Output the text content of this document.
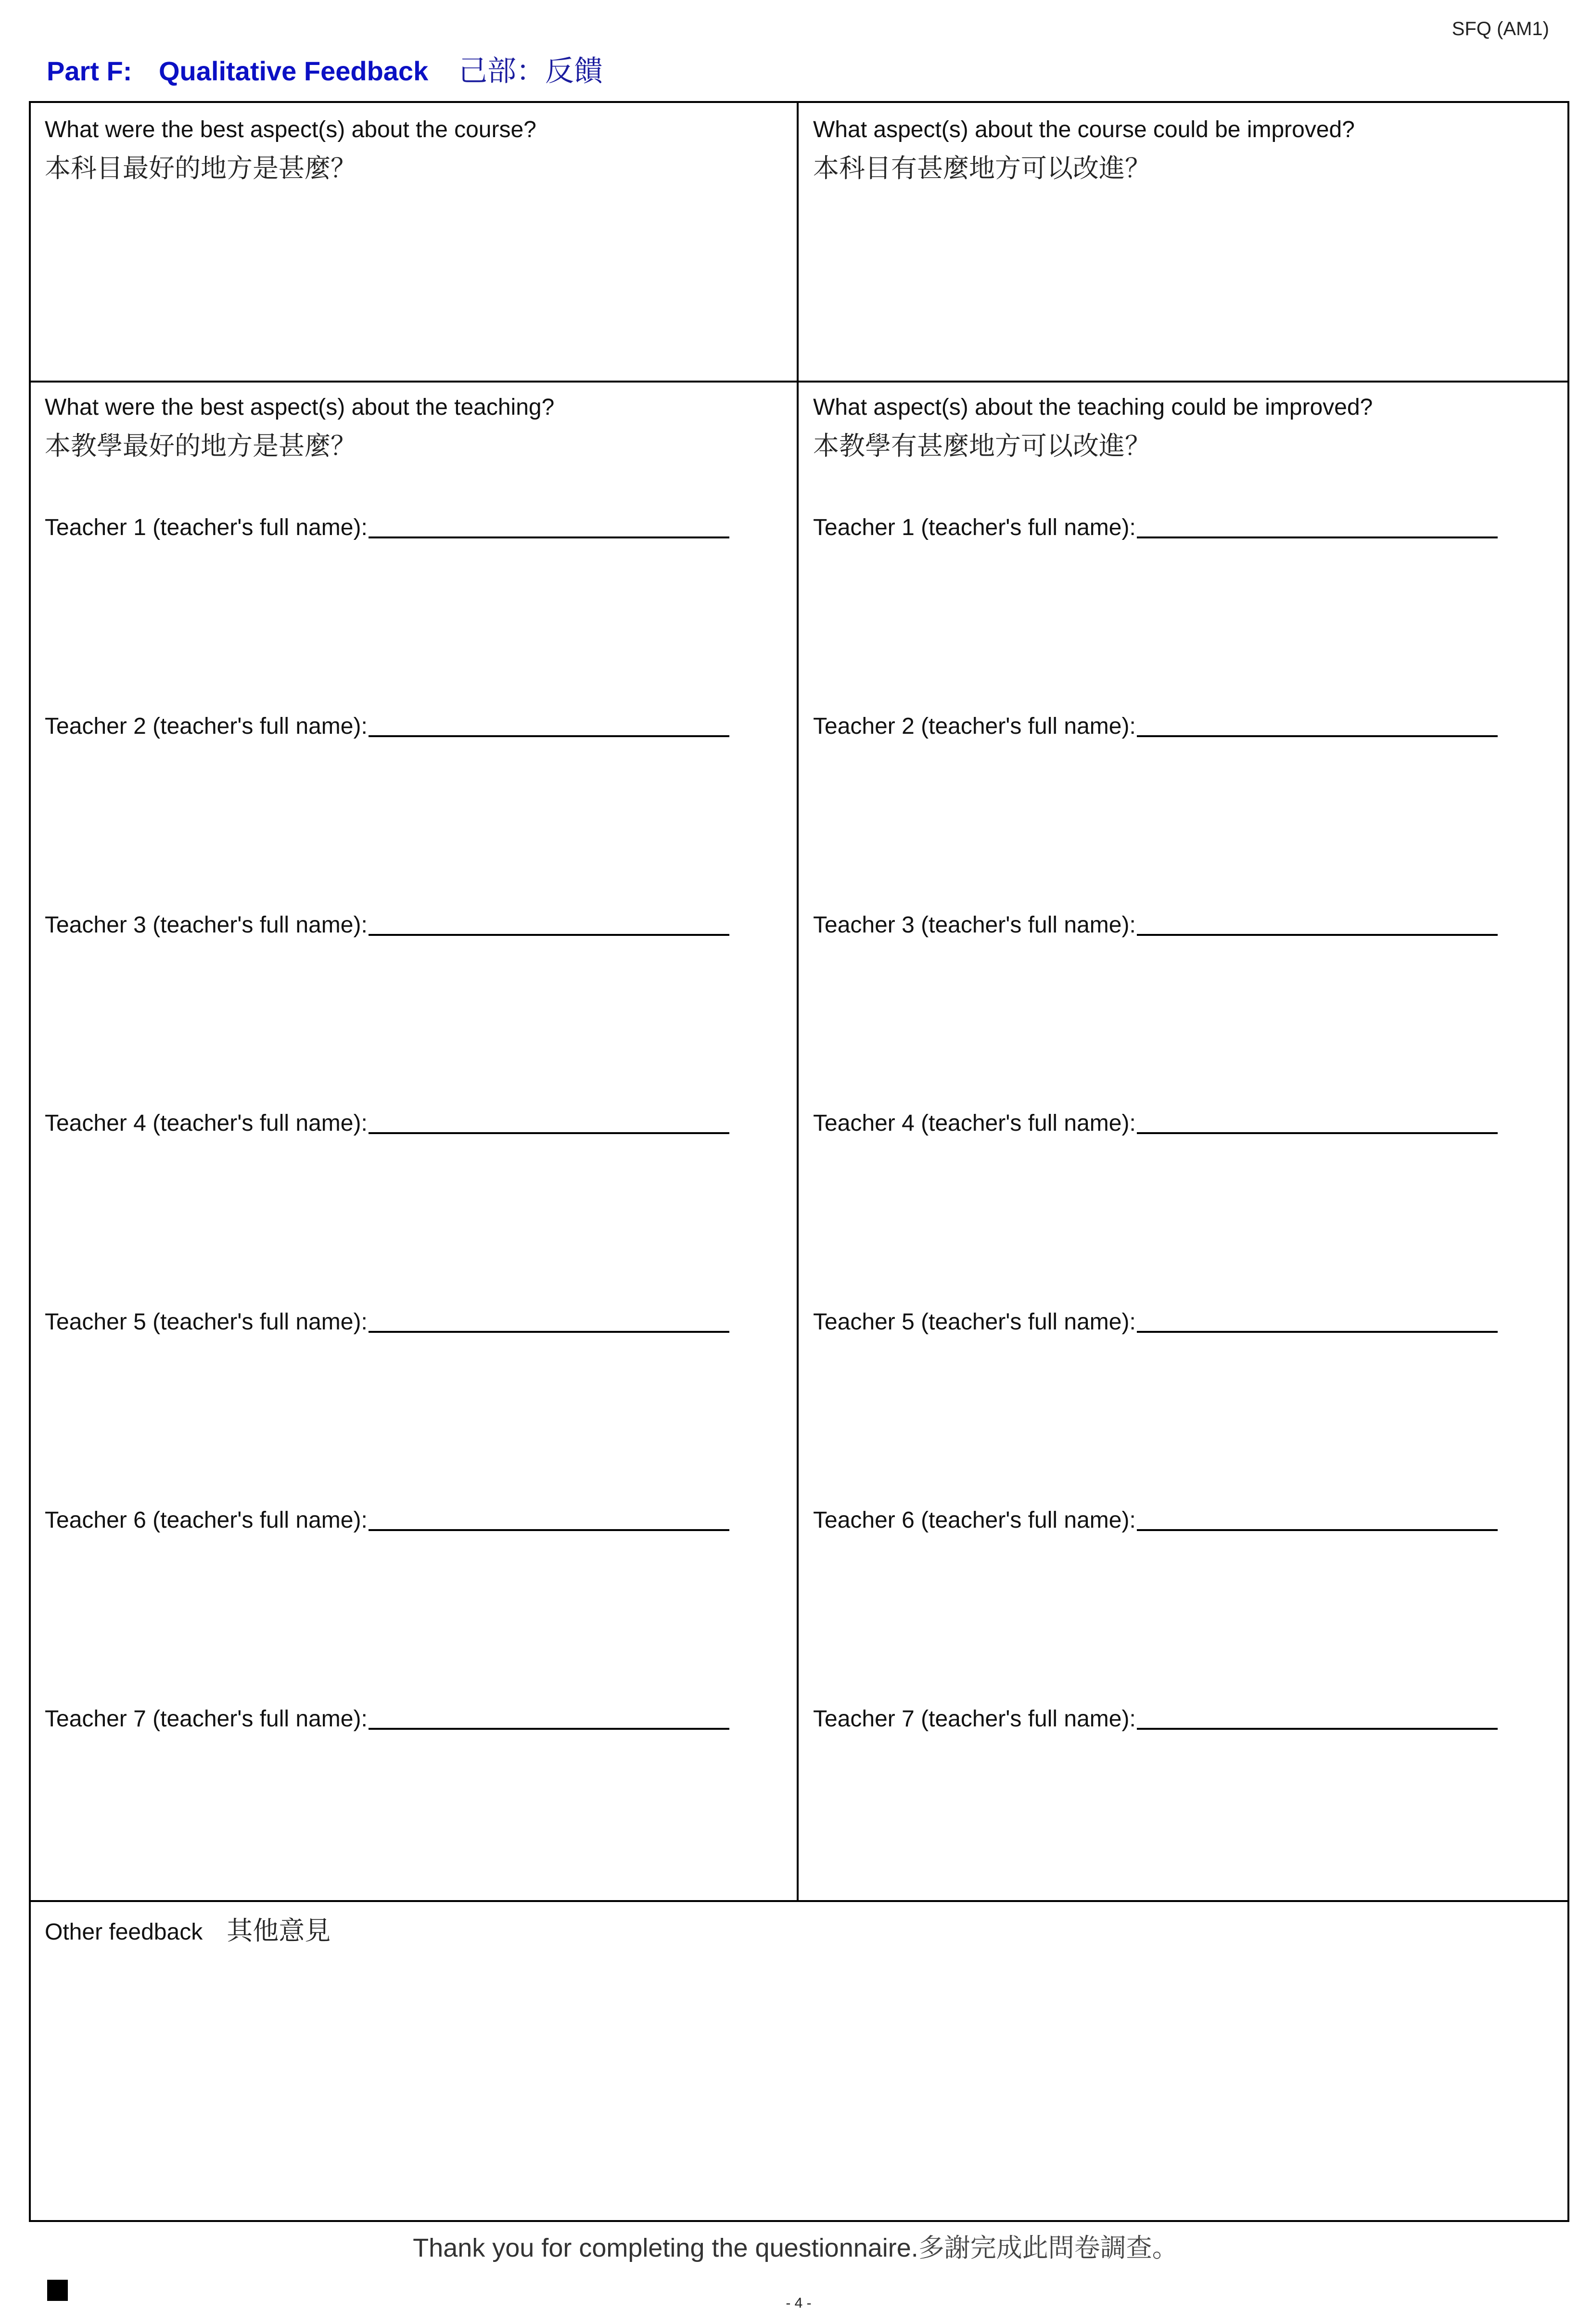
SFQ (AM1)
Part F: Qualitative Feedback 己部：反饋
What were the best aspect(s) about the course?
本科目最好的地方是甚麼？
What aspect(s) about the course could be improved?
本科目有甚麼地方可以改進？
What were the best aspect(s) about the teaching?
本教學最好的地方是甚麼？
Teacher 1 (teacher's full name):
Teacher 2 (teacher's full name):
Teacher 3 (teacher's full name):
Teacher 4 (teacher's full name):
Teacher 5 (teacher's full name):
Teacher 6 (teacher's full name):
Teacher 7 (teacher's full name):
What aspect(s) about the teaching could be improved?
本教學有甚麼地方可以改進？
Teacher 1 (teacher's full name):
Teacher 2 (teacher's full name):
Teacher 3 (teacher's full name):
Teacher 4 (teacher's full name):
Teacher 5 (teacher's full name):
Teacher 6 (teacher's full name):
Teacher 7 (teacher's full name):
Other feedback 其他意見
Thank you for completing the questionnaire.多謝完成此問卷調查。
- 4 -
